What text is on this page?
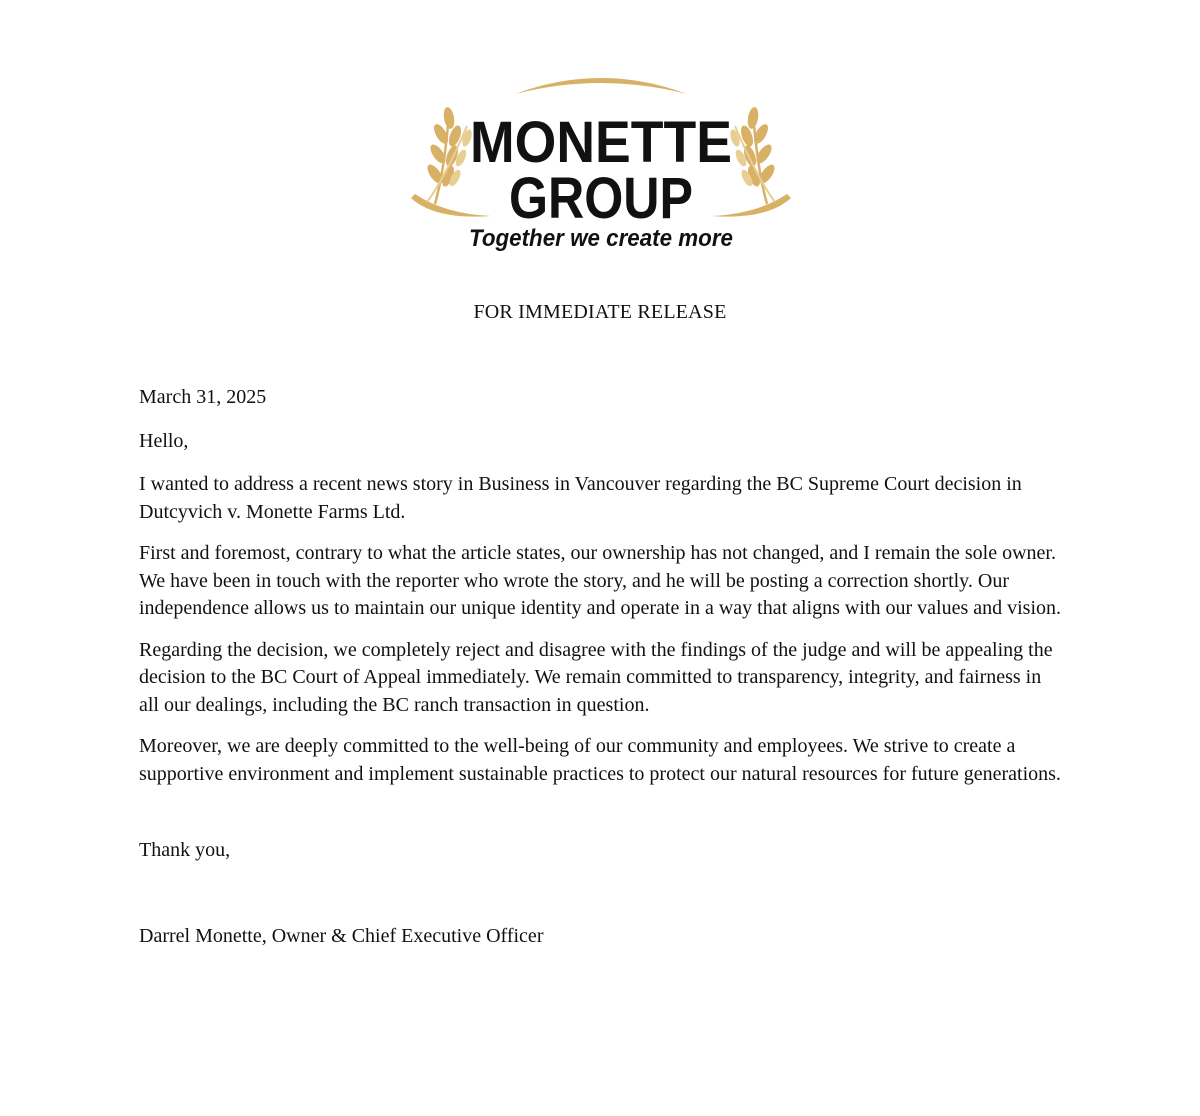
MONETTE
GROUP
Together we create more
FOR IMMEDIATE RELEASE

March 31, 2025

Hello,

I wanted to address a recent news story in Business in Vancouver regarding the BC Supreme Court decision in Dutcyvich v. Monette Farms Ltd.

First and foremost, contrary to what the article states, our ownership has not changed, and I remain the sole owner. We have been in touch with the reporter who wrote the story, and he will be posting a correction shortly. Our independence allows us to maintain our unique identity and operate in a way that aligns with our values and vision.

Regarding the decision, we completely reject and disagree with the findings of the judge and will be appealing the decision to the BC Court of Appeal immediately. We remain committed to transparency, integrity, and fairness in all our dealings, including the BC ranch transaction in question.

Moreover, we are deeply committed to the well-being of our community and employees. We strive to create a supportive environment and implement sustainable practices to protect our natural resources for future generations.

Thank you,

Darrel Monette, Owner & Chief Executive Officer
